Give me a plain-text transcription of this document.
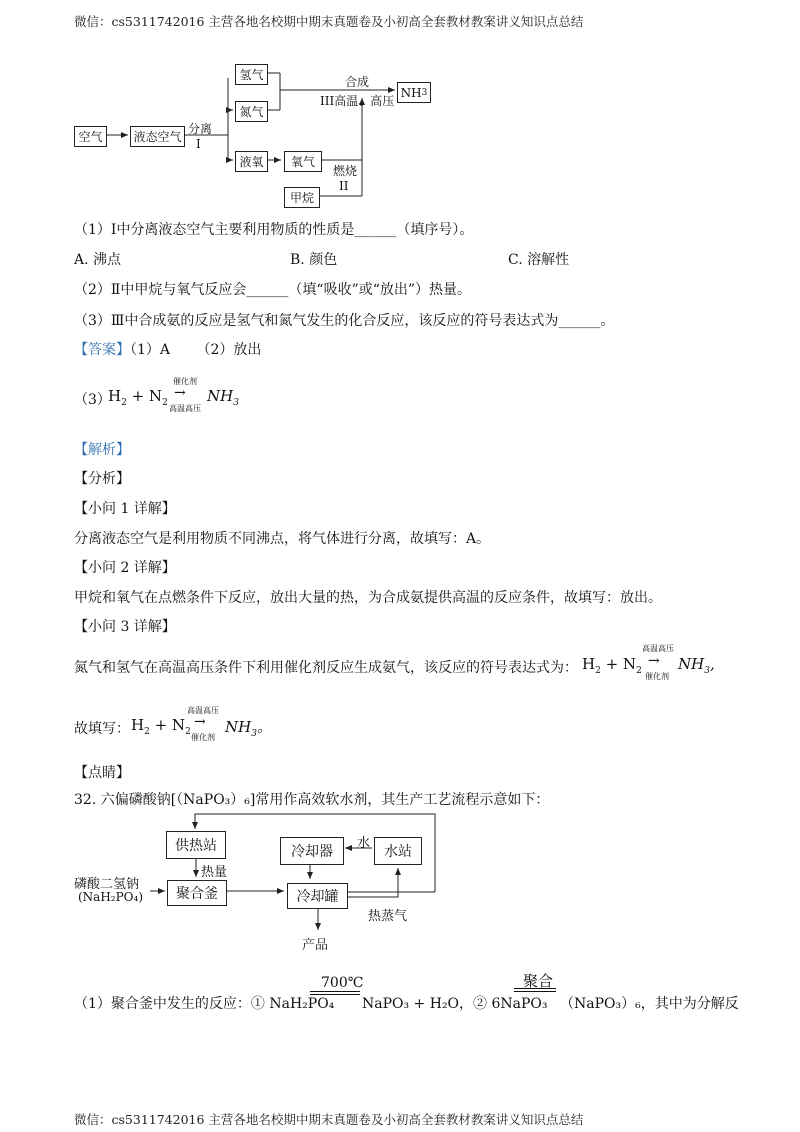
微信：cs5311742016 主营各地名校期中期末真题卷及小初高全套教材教案讲义知识点总结
微信：cs5311742016 主营各地名校期中期末真题卷及小初高全套教材教案讲义知识点总结
空气	液态空气
分离
I
氢气
氮气
液氧	氧气
甲烷
合成
III高温、高压
NH 3
燃烧
II
（1）Ⅰ中分离液态空气主要利用物质的性质是______（填序号）。
A. 沸点	B. 颜色	C. 溶解性
（2）Ⅱ中甲烷与氧气反应会______（填“吸收”或“放出”）热量。
（3）Ⅲ中合成氨的反应是氢气和氮气发生的化合反应，该反应的符号表达式为______。
【答案】（1）A （2）放出
（3）
$H_2 + N_2$
催化剂
→
高温高压
$NH_3$
【解析】
【分析】
【小问 1 详解】
分离液态空气是利用物质不同沸点，将气体进行分离，故填写：A。
【小问 2 详解】
甲烷和氧气在点燃条件下反应，放出大量的热，为合成氨提供高温的反应条件，故填写：放出。
【小问 3 详解】
氮气和氢气在高温高压条件下利用催化剂反应生成氨气，该反应的符号表达式为： $H_2 + N_2$
高温高压
→
催化剂
$NH_3$,
故填写： $H_2 + N_2$
高温高压
→
催化剂
$NH_3$。
【点睛】
32. 六偏磷酸钠[（NaPO₃）₆]常用作高效软水剂，其生产工艺流程示意如下：
供热站
热量
冷却器
水
水站
磷酸二氢钠
(NaH₂PO₄)	聚合釜	冷却罐
热蒸气
产品
（1）聚合釜中发生的反应：① NaH₂PO₄
700℃
NaPO₃ + H₂O，② 6NaPO₃
聚合
（NaPO₃）₆，其中为分解反
